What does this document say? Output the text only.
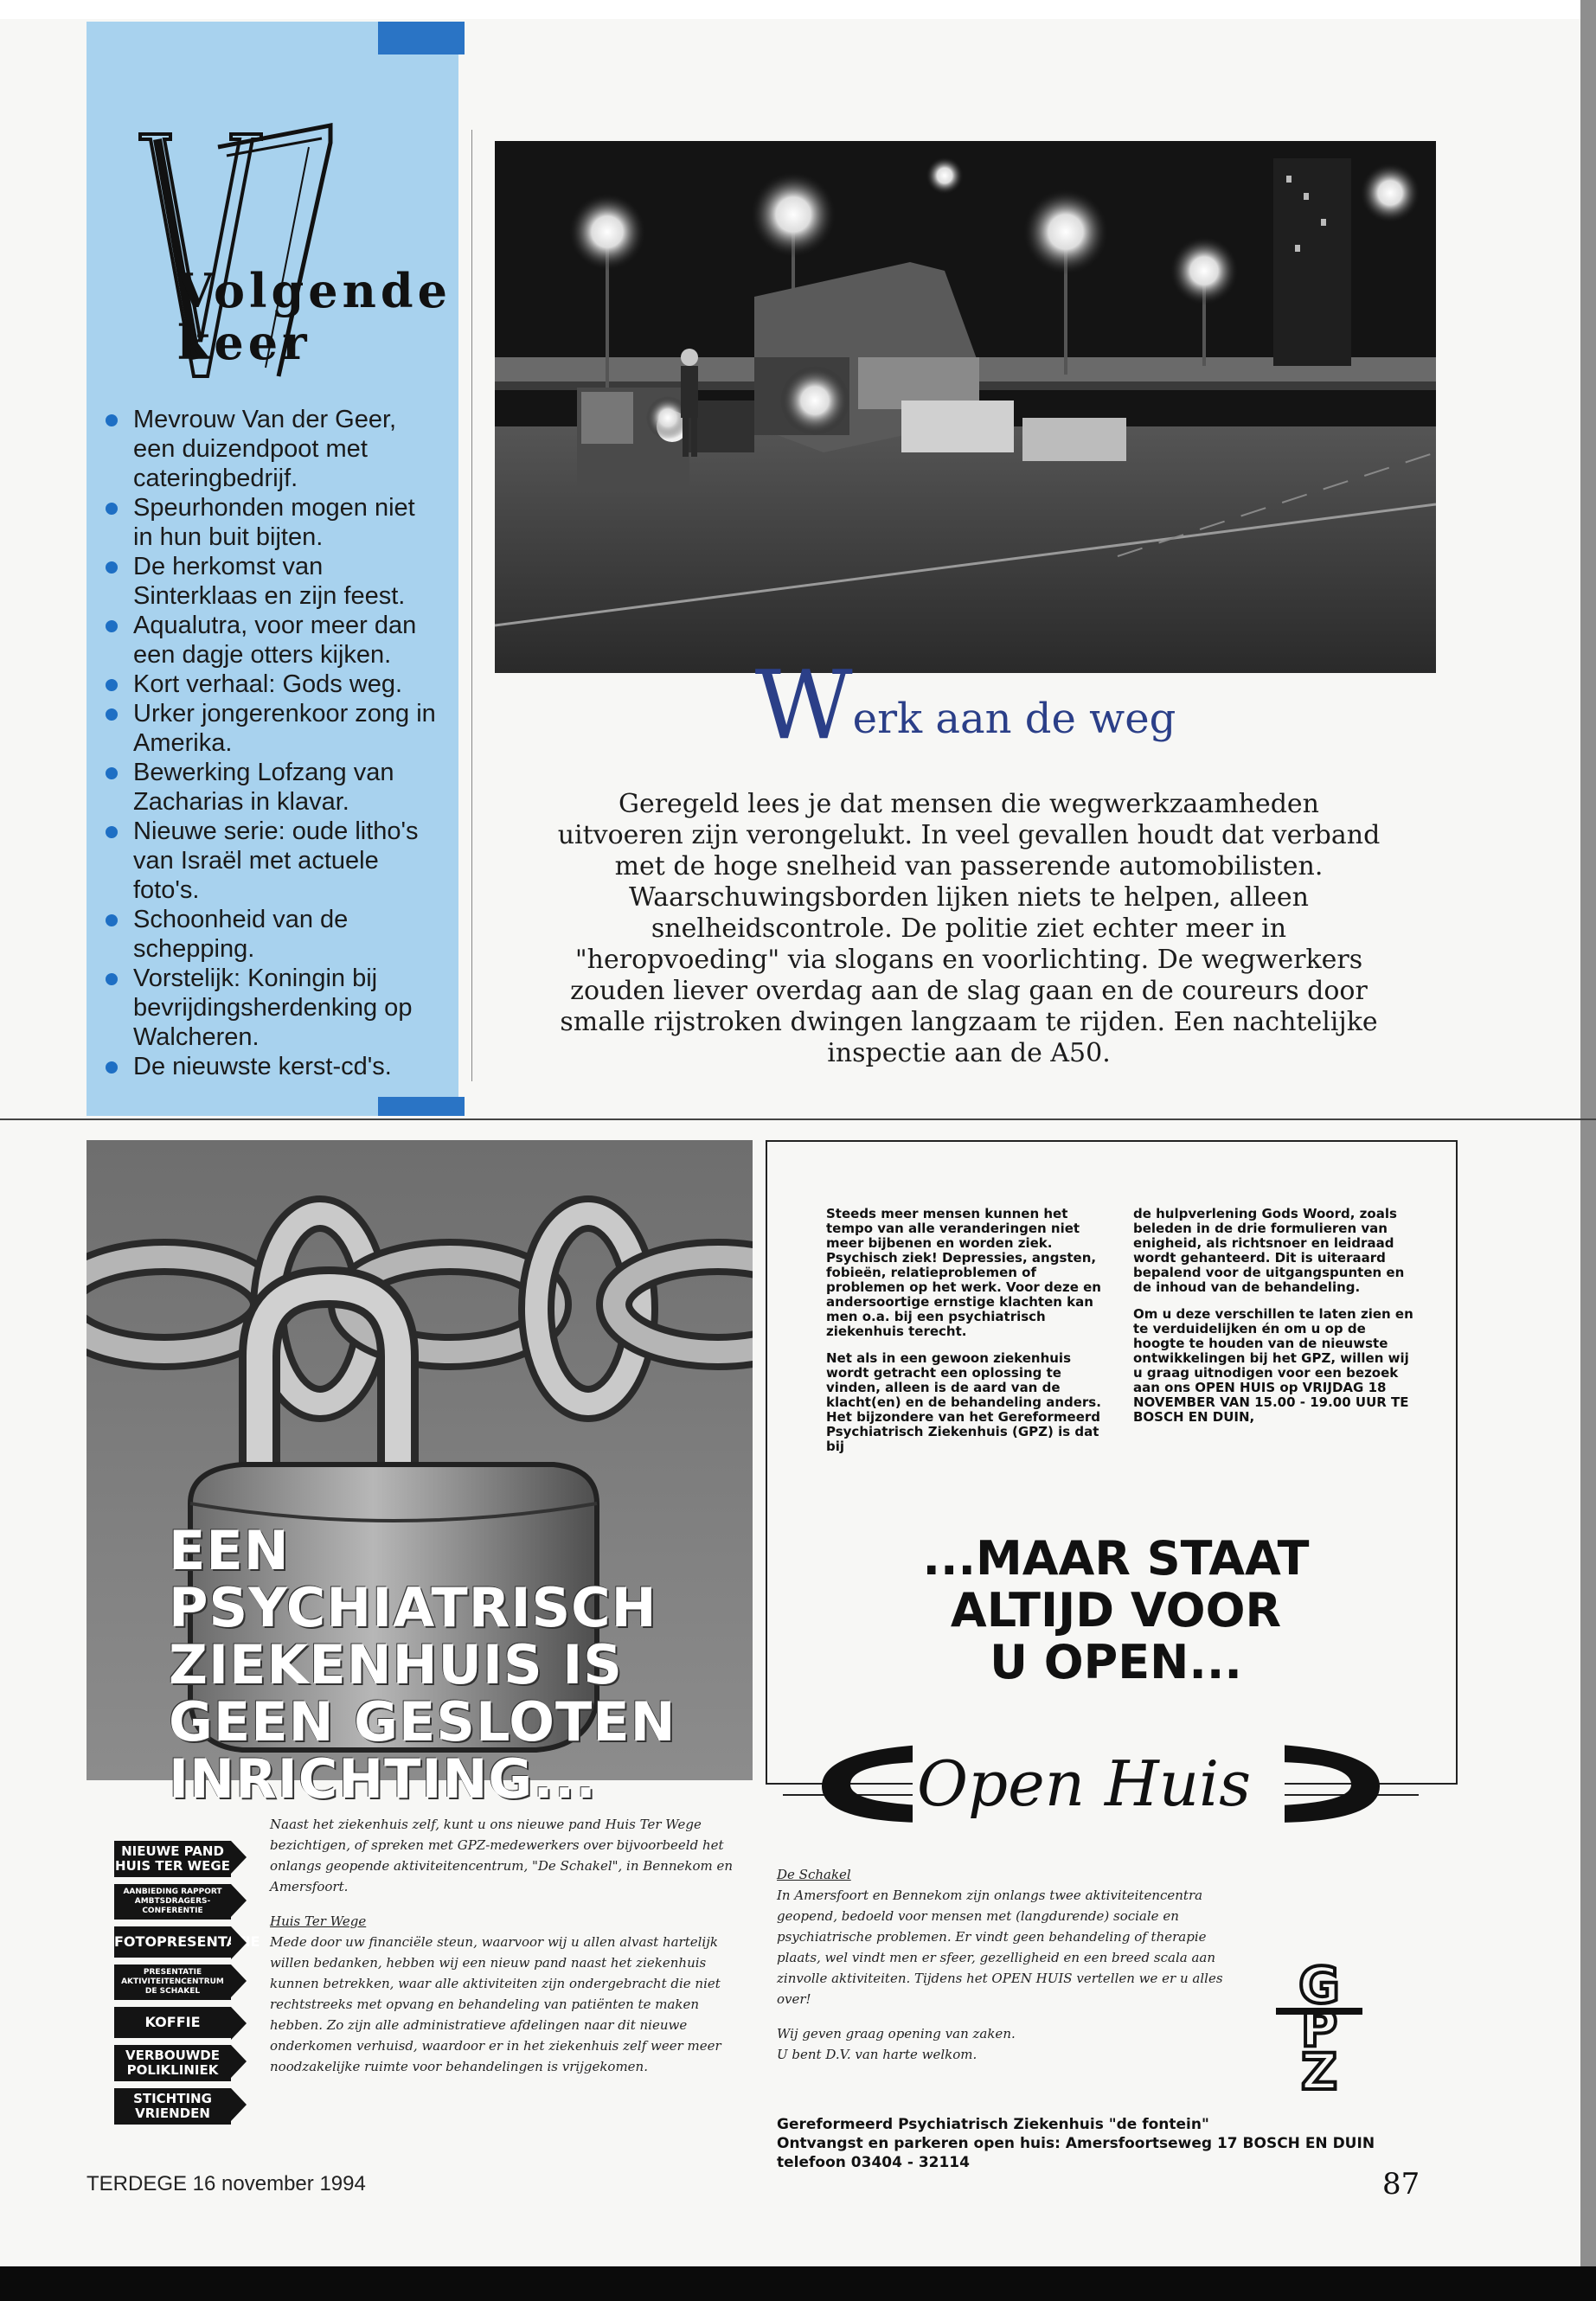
Volgende
keer
Mevrouw Van der Geer, een duizendpoot met cateringbedrijf.
Speurhonden mogen niet in hun buit bijten.
De herkomst van Sinterklaas en zijn feest.
Aqualutra, voor meer dan een dagje otters kijken.
Kort verhaal: Gods weg.
Urker jongerenkoor zong in Amerika.
Bewerking Lofzang van Zacharias in klavar.
Nieuwe serie: oude litho's van Israël met actuele foto's.
Schoonheid van de schepping.
Vorstelijk: Koningin bij bevrijdingsherdenking op Walcheren.
De nieuwste kerst-cd's.
Werk aan de weg
Geregeld lees je dat mensen die wegwerkzaamheden uitvoeren zijn verongelukt. In veel gevallen houdt dat verband met de hoge snelheid van passerende automobilisten. Waarschuwingsborden lijken niets te helpen, alleen snelheidscontrole. De politie ziet echter meer in "heropvoeding" via slogans en voorlichting. De wegwerkers zouden liever overdag aan de slag gaan en de coureurs door smalle rijstroken dwingen langzaam te rijden. Een nachtelijke inspectie aan de A50.
EEN PSYCHIATRISCH
ZIEKENHUIS IS
GEEN GESLOTEN
INRICHTING...

Steeds meer mensen kunnen het tempo van alle veranderingen niet meer bijbenen en worden ziek. Psychisch ziek! Depressies, angsten, fobieën, relatieproblemen of problemen op het werk. Voor deze en andersoortige ernstige klachten kan men o.a. bij een psychiatrisch ziekenhuis terecht.

Net als in een gewoon ziekenhuis wordt getracht een oplossing te vinden, alleen is de aard van de klacht(en) en de behandeling anders. Het bijzondere van het Gereformeerd Psychiatrisch Ziekenhuis (GPZ) is dat bij

de hulpverlening Gods Woord, zoals beleden in de drie formulieren van enigheid, als richtsnoer en leidraad wordt gehanteerd. Dit is uiteraard bepalend voor de uitgangspunten en de inhoud van de behandeling.

Om u deze verschillen te laten zien en te verduidelijken én om u op de hoogte te houden van de nieuwste ontwikkelingen bij het GPZ, willen wij u graag uitnodigen voor een bezoek aan ons OPEN HUIS op VRIJDAG 18 NOVEMBER VAN 15.00 - 19.00 UUR TE BOSCH EN DUIN,

...MAAR STAAT
ALTIJD VOOR
U OPEN...
Open Huis
NIEUWE PAND HUIS TER WEGE
AANBIEDING RAPPORT AMBTSDRAGERS-CONFERENTIE
FOTOPRESENTATIE
PRESENTATIE AKTIVITEITENCENTRUM DE SCHAKEL
KOFFIE
VERBOUWDE POLIKLINIEK
STICHTING VRIENDEN

Naast het ziekenhuis zelf, kunt u ons nieuwe pand Huis Ter Wege bezichtigen, of spreken met GPZ-medewerkers over bijvoorbeeld het onlangs geopende aktiviteitencentrum, "De Schakel", in Bennekom en Amersfoort.

Huis Ter Wege

Mede door uw financiële steun, waarvoor wij u allen alvast hartelijk willen bedanken, hebben wij een nieuw pand naast het ziekenhuis kunnen betrekken, waar alle aktiviteiten zijn ondergebracht die niet rechtstreeks met opvang en behandeling van patiënten te maken hebben. Zo zijn alle administratieve afdelingen naar dit nieuwe onderkomen verhuisd, waardoor er in het ziekenhuis zelf weer meer noodzakelijke ruimte voor behandelingen is vrijgekomen.

De Schakel

In Amersfoort en Bennekom zijn onlangs twee aktiviteitencentra geopend, bedoeld voor mensen met (langdurende) sociale en psychiatrische problemen. Er vindt geen behandeling of therapie plaats, wel vindt men er sfeer, gezelligheid en een breed scala aan zinvolle aktiviteiten. Tijdens het OPEN HUIS vertellen we er u alles over!

Wij geven graag opening van zaken.

U bent D.V. van harte welkom.

G
P
Z
Gereformeerd Psychiatrisch Ziekenhuis "de fontein"
Ontvangst en parkeren open huis: Amersfoortseweg 17 BOSCH EN DUIN
telefoon 03404 - 32114
TERDEGE 16 november 1994	87
